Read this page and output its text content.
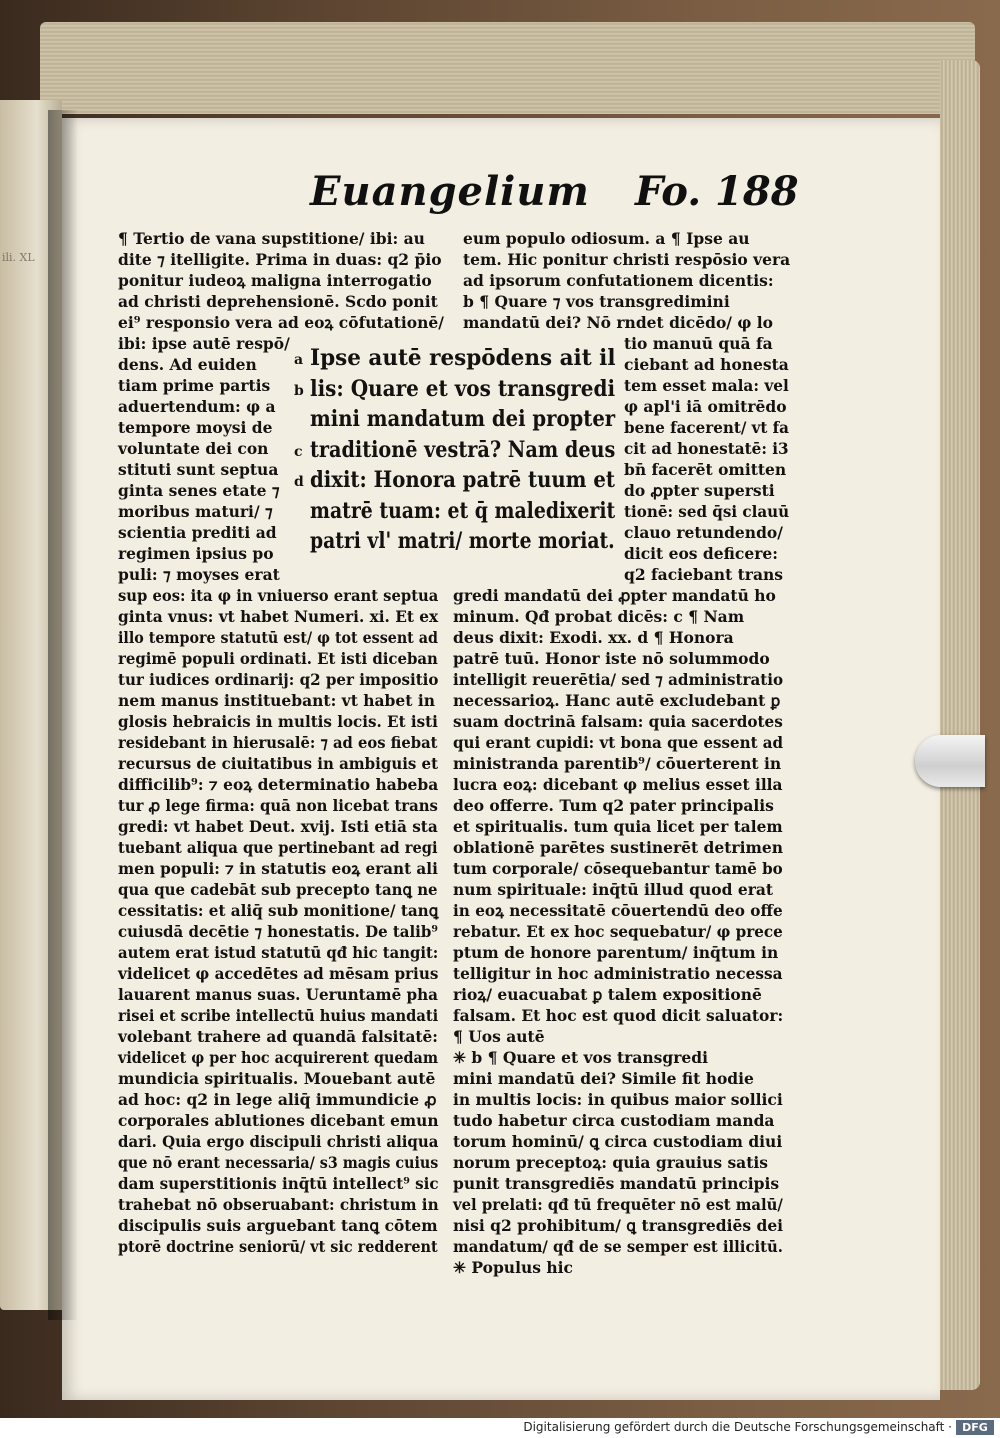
ili. XL
Euangelium Fo. 188

¶ Tertio de vana supstitione/ ibi: au

dite ⁊ itelligite. Prima in duas: q2 p̄io

ponitur iudeoꝝ maligna interrogatio

ad christi deprehensionē. Scdo ponit

ei⁹ responsio vera ad eoꝝ cōfutationē/

ibi: ipse autē respō/

dens. Ad euiden

tiam prime partis

aduertendum: φ a

tempore moysi de

voluntate dei con

stituti sunt septua

ginta senes etate ⁊

moribus maturi/ ⁊

scientia prediti ad

regimen ipsius po

puli: ⁊ moyses erat

sup eos: ita φ in vniuerso erant septua

ginta vnus: vt habet Numeri. xi. Et ex

illo tempore statutū est/ φ tot essent ad

regimē populi ordinati. Et isti diceban

tur iudices ordinarij: q2 per impositio

nem manus instituebant: vt habet in

glosis hebraicis in multis locis. Et isti

residebant in hierusalē: ⁊ ad eos fiebat

recursus de ciuitatibus in ambiguis et

difficilib⁹: ⁊ eoꝝ determinatio habeba

tur ꝓ lege firma: quā non licebat trans

gredi: vt habet Deut. xvij. Isti etiā sta

tuebant aliqua que pertinebant ad regi

men populi: ⁊ in statutis eoꝝ erant ali

qua que cadebāt sub precepto tanꝗ ne

cessitatis: et aliq̄ sub monitione/ tanꝗ

cuiusdā decētie ⁊ honestatis. De talib⁹

autem erat istud statutū qđ hic tangit:

videlicet φ accedētes ad mēsam prius

lauarent manus suas. Ueruntamē pha

risei et scribe intellectū huius mandati

volebant trahere ad quandā falsitatē:

videlicet φ per hoc acquirerent quedam

mundicia spiritualis. Mouebant autē

ad hoc: q2 in lege aliq̄ immundicie ꝓ

corporales ablutiones dicebant emun

dari. Quia ergo discipuli christi aliqua

que nō erant necessaria/ s3 magis cuius

dam superstitionis inq̄tū intellect⁹ sic

trahebat nō obseruabant: christum in

discipulis suis arguebant tanꝗ cōtem

ptorē doctrine seniorū/ vt sic redderent

eum populo odiosum. a ¶ Ipse au

tem. Hic ponitur christi respōsio vera

ad ipsorum confutationem dicentis:

b ¶ Quare ⁊ vos transgredimini

mandatū dei? Nō rndet dicēdo/ φ lo

tio manuū quā fa

ciebant ad honesta

tem esset mala: vel

φ apl'i iā omitrēdo

bene facerent/ vt fa

cit ad honestatē: i3

bn̄ facerēt omitten

do ꝓpter supersti

tionē: sed q̄si clauū

clauo retundendo/

dicit eos deficere:

q2 faciebant trans

gredi mandatū dei ꝓpter mandatū ho

minum. Qđ probat dicēs: c ¶ Nam

deus dixit: Exodi. xx. d ¶ Honora

patrē tuū. Honor iste nō solummodo

intelligit reuerētia/ sed ⁊ administratio

necessarioꝝ. Hanc autē excludebant ꝑ

suam doctrinā falsam: quia sacerdotes

qui erant cupidi: vt bona que essent ad

ministranda parentib⁹/ cōuerterent in

lucra eoꝝ: dicebant φ melius esset illa

deo offerre. Tum q2 pater principalis

et spiritualis. tum quia licet per talem

oblationē parētes sustinerēt detrimen

tum corporale/ cōsequebantur tamē bo

num spirituale: inq̄tū illud quod erat

in eoꝝ necessitatē cōuertendū deo offe

rebatur. Et ex hoc sequebatur/ φ prece

ptum de honore parentum/ inq̄tum in

telligitur in hoc administratio necessa

rioꝝ/ euacuabat ꝑ talem expositionē

falsam. Et hoc est quod dicit saluator:

¶ Uos autē

✳ b ¶ Quare et vos transgredi

mini mandatū dei? Simile fit hodie

in multis locis: in quibus maior sollici

tudo habetur circa custodiam manda

torum hominū/ ꝗ circa custodiam diui

norum preceptoꝝ: quia grauius satis

punit transgrediēs mandatū principis

vel prelati: qđ tū frequēter nō est malū/

nisi q2 prohibitum/ ꝗ transgrediēs dei

mandatum/ qđ de se semper est illicitū.

✳ Populus hic

a

b

c

d

Ipse autē respōdens ait il

lis: Quare et vos transgredi

mini mandatum dei propter

traditionē vestrā? Nam deus

dixit: Honora patrē tuum et

matrē tuam: et q̄ maledixerit

patri vl' matri/ morte moriat.

Digitalisierung gefördert durch die Deutsche Forschungsgemeinschaft · DFG
